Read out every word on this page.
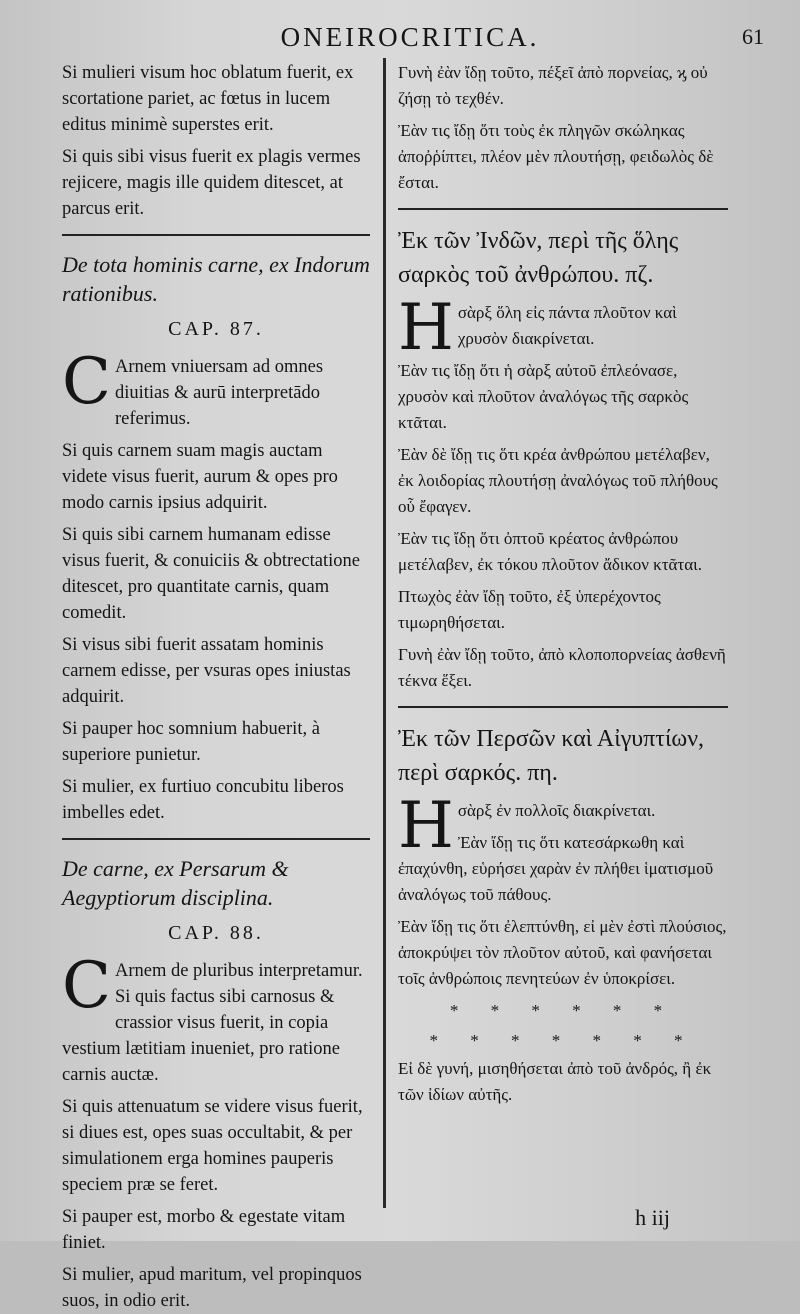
ONEIROCRITICA.	61

Si mulieri visum hoc oblatum fuerit, ex scortatione pariet, ac fœtus in lucem editus minimè superstes erit.

Si quis sibi visus fuerit ex plagis vermes rejicere, magis ille quidem ditescet, at parcus erit.

De tota hominis carne, ex Indorum rationibus.
CAP. 87.

C Arnem vniuersam ad omnes diuitias & aurū interpretādo referimus.

Si quis carnem suam magis auctam videte visus fuerit, aurum & opes pro modo carnis ipsius adquirit.

Si quis sibi carnem humanam edisse visus fuerit, & conuiciis & obtrectatione ditescet, pro quantitate carnis, quam comedit.

Si visus sibi fuerit assatam hominis carnem edisse, per vsuras opes iniustas adquirit.

Si pauper hoc somnium habuerit, à superiore punietur.

Si mulier, ex furtiuo concubitu liberos imbelles edet.

De carne, ex Persarum & Aegyptiorum disciplina.
CAP. 88.

C Arnem de pluribus interpretamur. Si quis factus sibi carnosus & crassior visus fuerit, in copia vestium lætitiam inueniet, pro ratione carnis auctæ.

Si quis attenuatum se videre visus fuerit, si diues est, opes suas occultabit, & per simulationem erga homines pauperis speciem præ se feret.

Si pauper est, morbo & egestate vitam finiet.

Si mulier, apud maritum, vel propinquos suos, in odio erit.

Γυνὴ ἐὰν ἴδῃ τοῦτο, πέξεῖ ἀπὸ πορνείας, ϗ οὐ ζήσῃ τὸ τεχθέν.

Ἐὰν τις ἴδῃ ὅτι τοὺς ἐκ πληγῶν σκώληκας ἀποῤῥίπτει, πλέον μὲν πλουτήσῃ, φειδωλὸς δὲ ἔσται.

Ἐκ τῶν Ἰνδῶν, περὶ τῆς ὅλης σαρκὸς τοῦ ἀνθρώπου. πζ.

Η σὰρξ ὅλη εἰς πάντα πλοῦτον καὶ χρυσὸν διακρίνεται.

Ἐὰν τις ἴδῃ ὅτι ἡ σὰρξ αὐτοῦ ἐπλεόνασε, χρυσὸν καὶ πλοῦτον ἀναλόγως τῆς σαρκὸς κτᾶται.

Ἐὰν δὲ ἴδῃ τις ὅτι κρέα ἀνθρώπου μετέλαβεν, ἐκ λοιδορίας πλουτήσῃ ἀναλόγως τοῦ πλήθους οὗ ἔφαγεν.

Ἐὰν τις ἴδῃ ὅτι ὀπτοῦ κρέατος ἀνθρώπου μετέλαβεν, ἐκ τόκου πλοῦτον ἄδικον κτᾶται.

Πτωχὸς ἐὰν ἴδῃ τοῦτο, ἐξ ὑπερέχοντος τιμωρηθήσεται.

Γυνὴ ἐὰν ἴδῃ τοῦτο, ἀπὸ κλοποπορνείας ἀσθενῆ τέκνα ἕξει.

Ἐκ τῶν Περσῶν καὶ Αἰγυπτίων, περὶ σαρκός. πη.

Η σὰρξ ἐν πολλοῖς διακρίνεται.

Ἐὰν ἴδῃ τις ὅτι κατεσάρκωθη καὶ ἐπαχύνθη, εὑρήσει χαρὰν ἐν πλήθει ἱματισμοῦ ἀναλόγως τοῦ πάθους.

Ἐὰν ἴδῃ τις ὅτι ἐλεπτύνθη, εἰ μὲν ἐστὶ πλούσιος, ἀποκρύψει τὸν πλοῦτον αὐτοῦ, καὶ φανήσεται τοῖς ἀνθρώποις πενητεύων ἐν ὑποκρίσει.

* * * * * *
* * * * * * *

Εἰ δὲ γυνή, μισηθήσεται ἀπὸ τοῦ ἀνδρός, ἢ ἐκ τῶν ἰδίων αὐτῆς.

h iij
